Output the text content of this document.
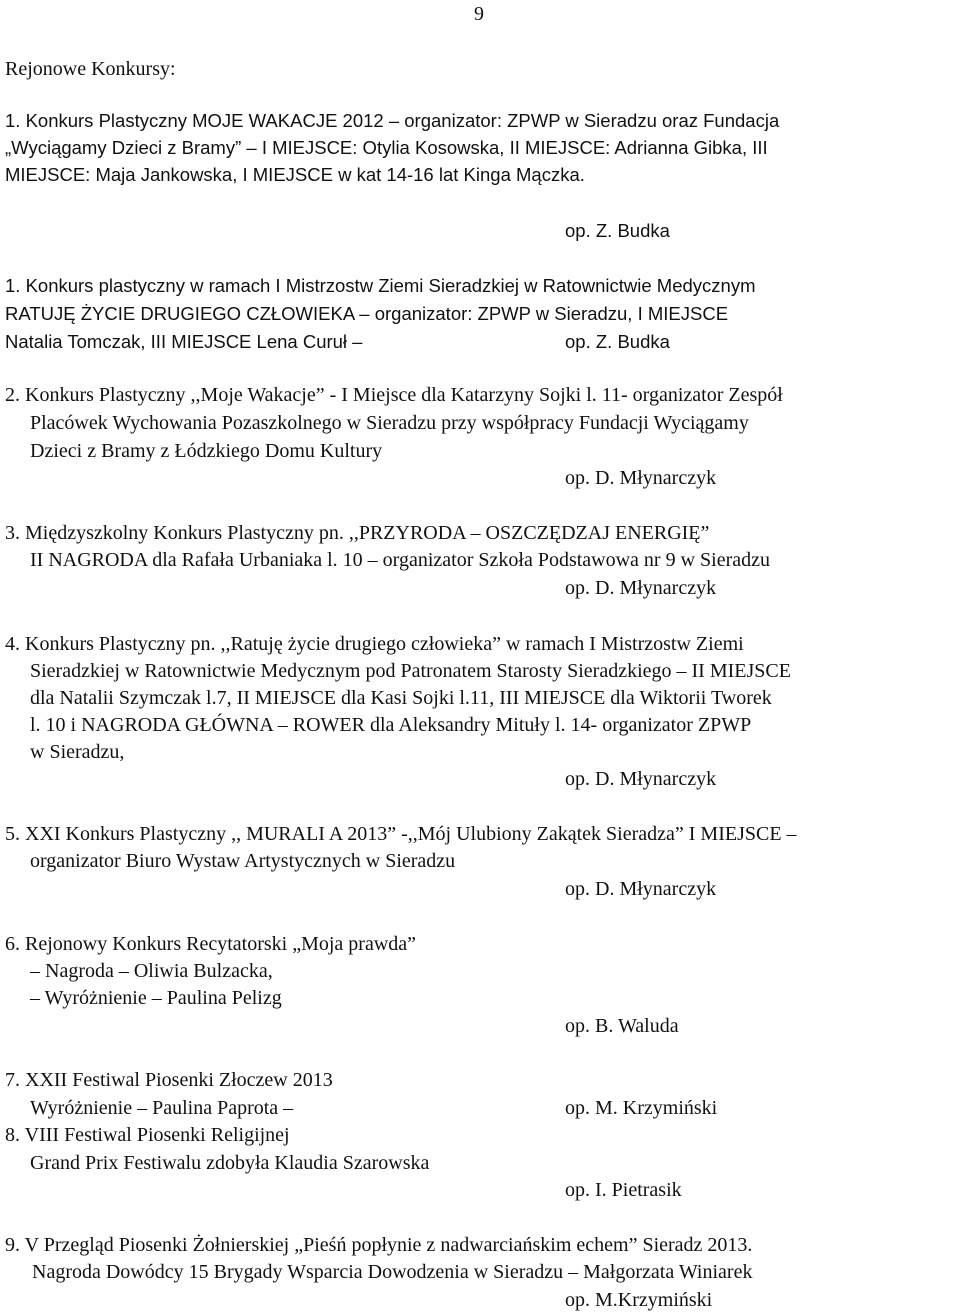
9
Rejonowe Konkursy:
1. Konkurs Plastyczny MOJE WAKACJE 2012 – organizator: ZPWP w Sieradzu oraz Fundacja
„Wyciągamy Dzieci z Bramy” – I MIEJSCE: Otylia Kosowska, II MIEJSCE: Adrianna Gibka, III
MIEJSCE: Maja Jankowska, I MIEJSCE w kat 14-16 lat Kinga Mączka.
op. Z. Budka
1. Konkurs plastyczny w ramach I Mistrzostw Ziemi Sieradzkiej w Ratownictwie Medycznym
RATUJĘ ŻYCIE DRUGIEGO CZŁOWIEKA – organizator: ZPWP w Sieradzu, I MIEJSCE
Natalia Tomczak, III MIEJSCE Lena Curuł –	op. Z. Budka
2. Konkurs Plastyczny ,,Moje Wakacje” - I Miejsce dla Katarzyny Sojki l. 11- organizator Zespół
Placówek Wychowania Pozaszkolnego w Sieradzu przy współpracy Fundacji Wyciągamy
Dzieci z Bramy z Łódzkiego Domu Kultury
op. D. Młynarczyk
3. Międzyszkolny Konkurs Plastyczny pn. ,,PRZYRODA – OSZCZĘDZAJ ENERGIĘ”
II NAGRODA dla Rafała Urbaniaka l. 10 – organizator Szkoła Podstawowa nr 9 w Sieradzu
op. D. Młynarczyk
4. Konkurs Plastyczny pn. ,,Ratuję życie drugiego człowieka” w ramach I Mistrzostw Ziemi
Sieradzkiej w Ratownictwie Medycznym pod Patronatem Starosty Sieradzkiego – II MIEJSCE
dla Natalii Szymczak l.7, II MIEJSCE dla Kasi Sojki l.11, III MIEJSCE dla Wiktorii Tworek
l. 10 i NAGRODA GŁÓWNA – ROWER dla Aleksandry Mituły l. 14- organizator ZPWP
w Sieradzu,
op. D. Młynarczyk
5. XXI Konkurs Plastyczny ,, MURALI A 2013” -,,Mój Ulubiony Zakątek Sieradza” I MIEJSCE –
organizator Biuro Wystaw Artystycznych w Sieradzu
op. D. Młynarczyk
6. Rejonowy Konkurs Recytatorski „Moja prawda”
– Nagroda – Oliwia Bulzacka,
– Wyróżnienie – Paulina Pelizg
op. B. Waluda
7. XXII Festiwal Piosenki Złoczew 2013
Wyróżnienie – Paulina Paprota –	op. M. Krzymiński
8. VIII Festiwal Piosenki Religijnej
Grand Prix Festiwalu zdobyła Klaudia Szarowska
op. I. Pietrasik
9. V Przegląd Piosenki Żołnierskiej „Pieśń popłynie z nadwarciańskim echem” Sieradz 2013.
Nagroda Dowódcy 15 Brygady Wsparcia Dowodzenia w Sieradzu – Małgorzata Winiarek
op. M.Krzymiński
